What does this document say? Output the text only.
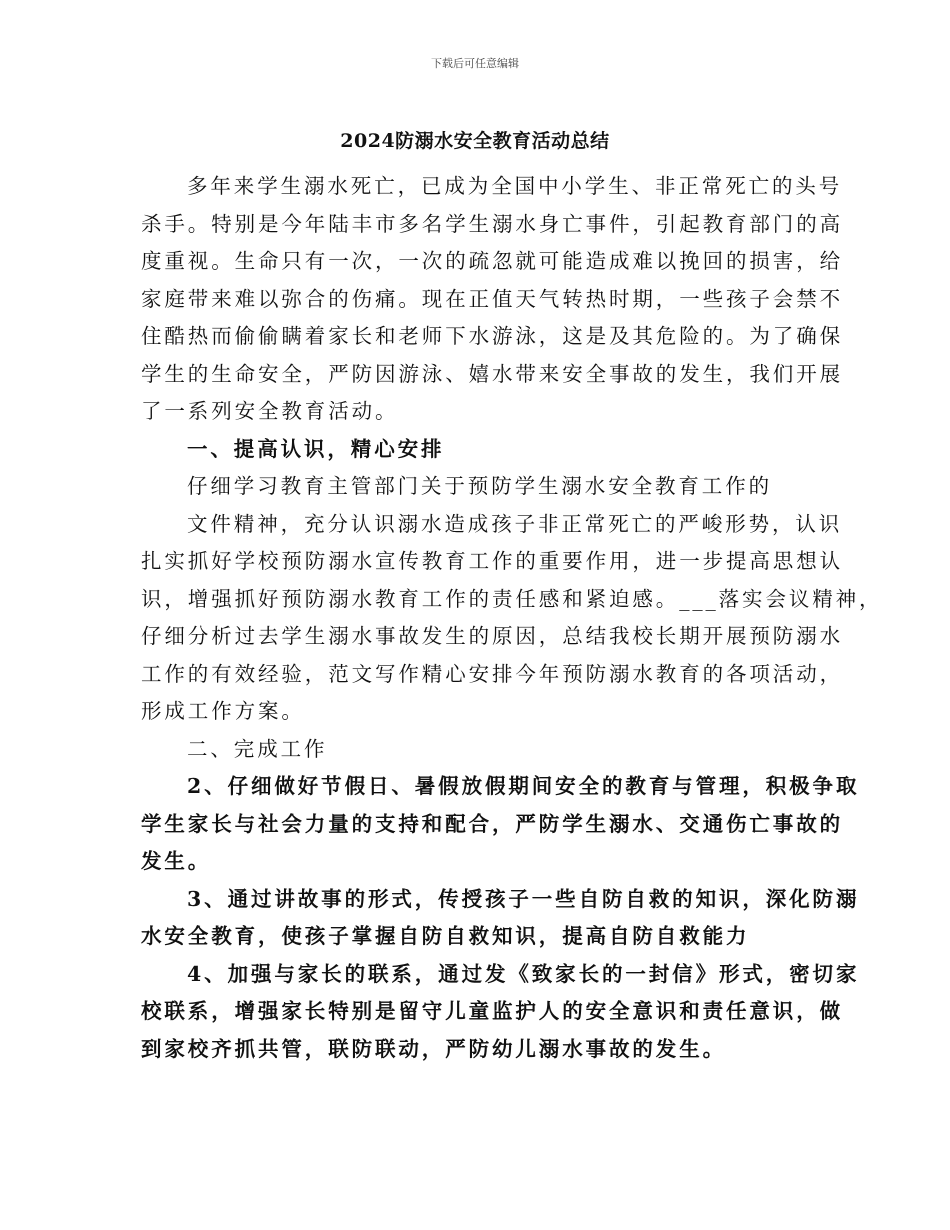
下载后可任意编辑
2024防溺水安全教育活动总结
多年来学生溺水死亡，已成为全国中小学生、非正常死亡的头号
杀手。特别是今年陆丰市多名学生溺水身亡事件，引起教育部门的高
度重视。生命只有一次，一次的疏忽就可能造成难以挽回的损害，给
家庭带来难以弥合的伤痛。现在正值天气转热时期，一些孩子会禁不
住酷热而偷偷瞒着家长和老师下水游泳，这是及其危险的。为了确保
学生的生命安全，严防因游泳、嬉水带来安全事故的发生，我们开展
了一系列安全教育活动。
一、提高认识，精心安排
仔细学习教育主管部门关于预防学生溺水安全教育工作的
文件精神，充分认识溺水造成孩子非正常死亡的严峻形势，认识
扎实抓好学校预防溺水宣传教育工作的重要作用，进一步提高思想认
识，增强抓好预防溺水教育工作的责任感和紧迫感。___落实会议精神，
仔细分析过去学生溺水事故发生的原因，总结我校长期开展预防溺水
工作的有效经验，范文写作精心安排今年预防溺水教育的各项活动，
形成工作方案。
二、完成工作
2、仔细做好节假日、暑假放假期间安全的教育与管理，积极争取
学生家长与社会力量的支持和配合，严防学生溺水、交通伤亡事故的
发生。
3、通过讲故事的形式，传授孩子一些自防自救的知识，深化防溺
水安全教育，使孩子掌握自防自救知识，提高自防自救能力
4、加强与家长的联系，通过发《致家长的一封信》形式，密切家
校联系，增强家长特别是留守儿童监护人的安全意识和责任意识，做
到家校齐抓共管，联防联动，严防幼儿溺水事故的发生。
